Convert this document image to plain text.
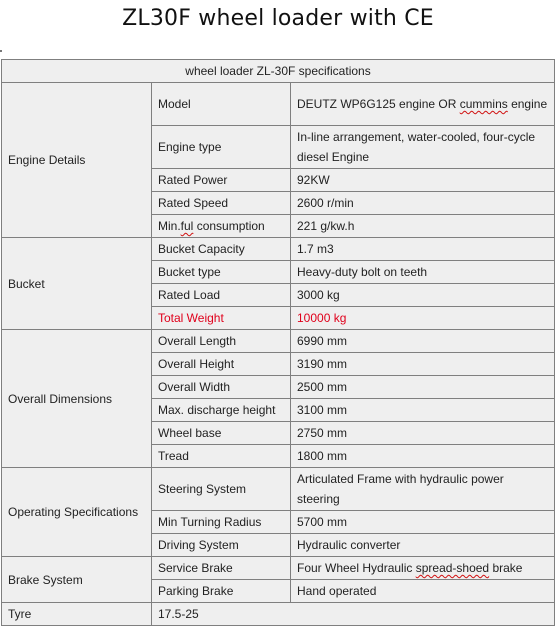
ZL30F wheel loader with CE
wheel loader ZL-30F specifications		
Engine Details	Model	DEUTZ WP6G125 engine OR cummins engine
	Engine type	In-line arrangement, water-cooled, four-cycle diesel Engine
	Rated Power	92KW
	Rated Speed	2600 r/min
	Min.ful consumption	221 g/kw.h
Bucket	Bucket Capacity	1.7 m3
	Bucket type	Heavy-duty bolt on teeth
	Rated Load	3000 kg
	Total Weight	10000 kg
Overall Dimensions	Overall Length	6990 mm
	Overall Height	3190 mm
	Overall Width	2500 mm
	Max. discharge height	3100 mm
	Wheel base	2750 mm
	Tread	1800 mm
Operating Specifications	Steering System	Articulated Frame with hydraulic power steering
	Min Turning Radius	5700 mm
	Driving System	Hydraulic converter
Brake System	Service Brake	Four Wheel Hydraulic spread-shoed brake
	Parking Brake	Hand operated
Tyre	17.5-25	
